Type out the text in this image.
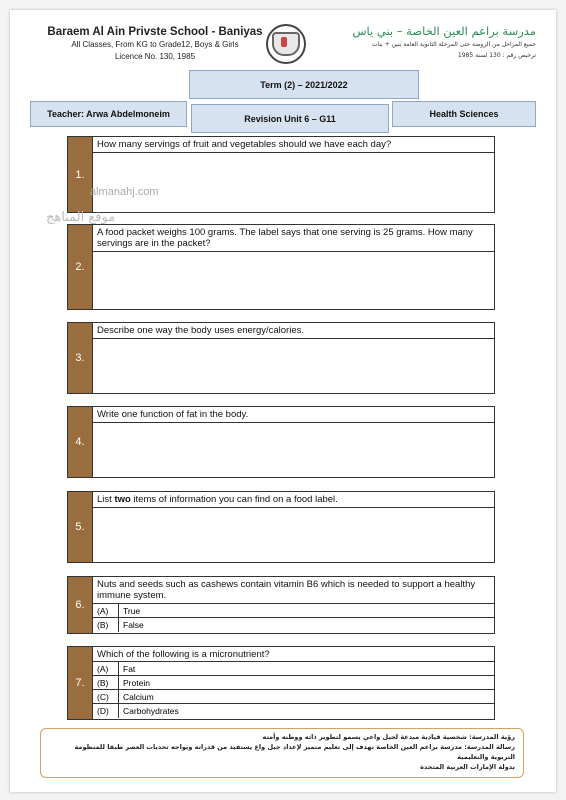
Baraem Al Ain Privste School - Baniyas
All Classes, From KG to Grade12, Boys & Girls
Licence No. 130, 1985
مدرسة براعم العين الخاصة – بني ياس
جميع المراحل من الروضة حتى المرحلة الثانوية العامة بنين + بنات
ترخيص رقم : 130 لسنة 1985
Term (2) – 2021/2022
Teacher: Arwa Abdelmoneim	Revision Unit 6 – G11	Health Sciences
1.
How many servings of fruit and vegetables should we have each day?
2.
A food packet weighs 100 grams. The label says that one serving is 25 grams. How many servings are in the packet?
3.
Describe one way the body uses energy/calories.
4.
Write one function of fat in the body.
5.
List two items of information you can find on a food label.
6.
Nuts and seeds such as cashews contain vitamin B6 which is needed to support a healthy immune system.
(A)	True
(B)	False
7.
Which of the following is a micronutrient?
(A)	Fat
(B)	Protein
(C)	Calcium
(D)	Carbohydrates
almanahj.com
موقع المناهج
رؤية المدرسة: شخصية قيادية مبدعة لجيل واعي يسمو لتطوير ذاته ووطنه وأمته
رسالة المدرسة: مدرسة براعم العين الخاصة تهدف إلى تعليم متميز لإعداد جيل واع يستفيد من قدراته ويواجه تحديات العصر طبقا للمنظومة التربوية والتعليمية
بدولة الإمارات العربية المتحدة
